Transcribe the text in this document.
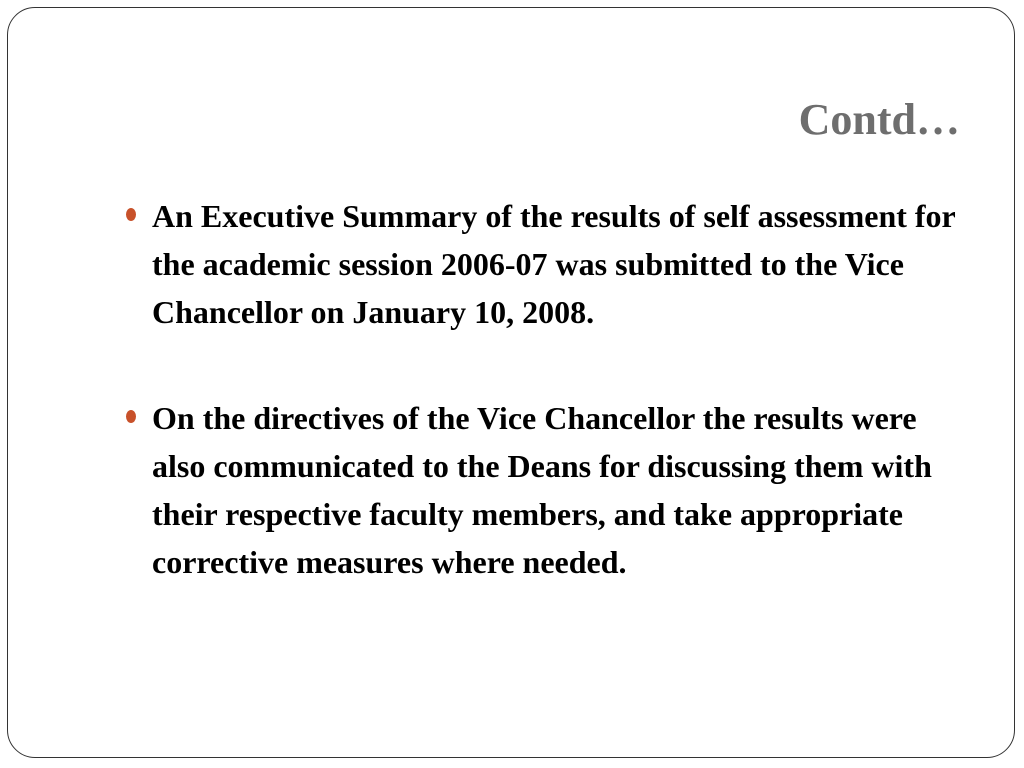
Contd…
An Executive Summary of the results of self assessment for the academic session 2006-07 was submitted to the Vice Chancellor on January 10, 2008.
On the directives of the Vice Chancellor the results were also communicated to the Deans for discussing them with their respective faculty members, and take appropriate corrective measures where needed.
